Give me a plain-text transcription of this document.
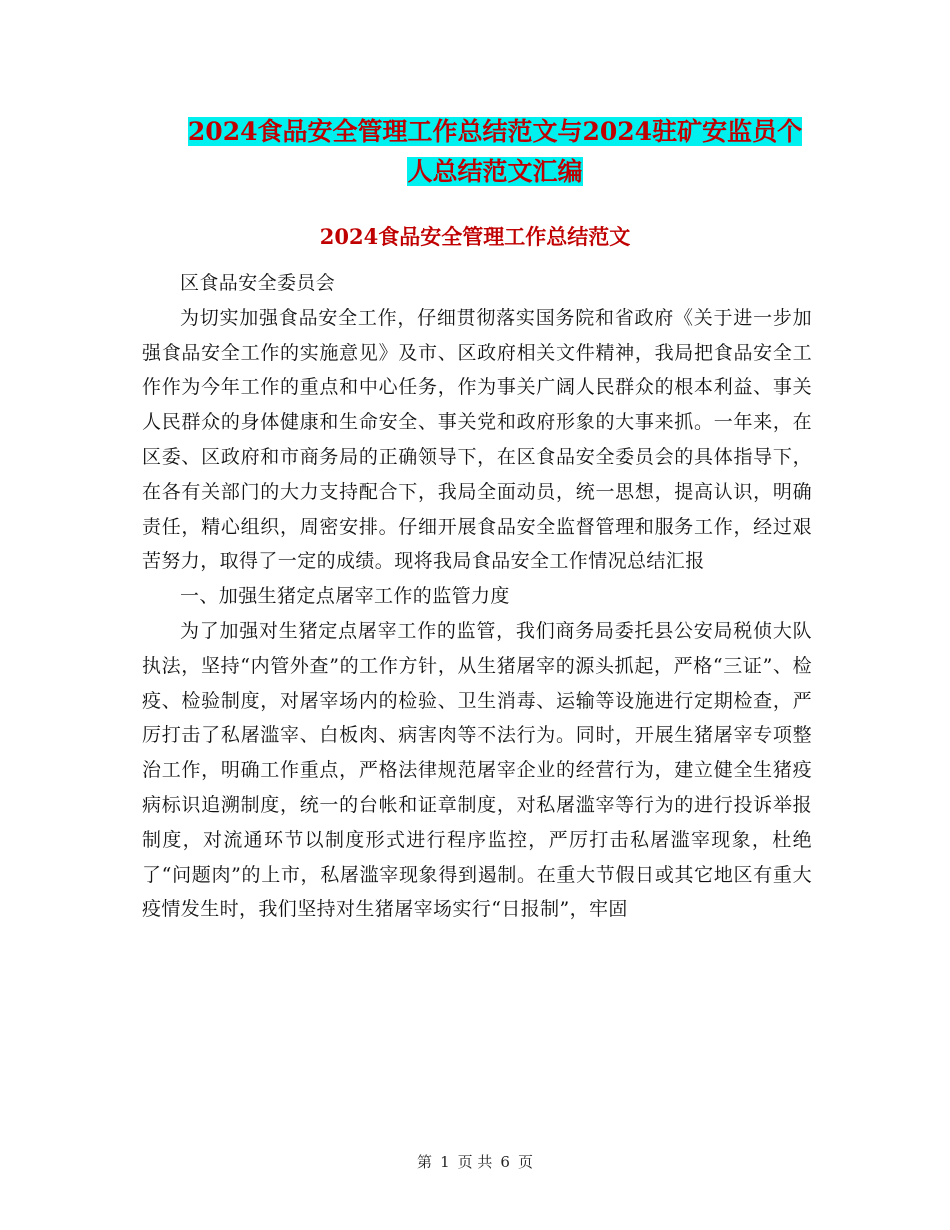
2024食品安全管理工作总结范文与2024驻矿安监员个
人总结范文汇编
2024食品安全管理工作总结范文

区食品安全委员会

为切实加强食品安全工作，仔细贯彻落实国务院和省政府《关于进一步加强食品安全工作的实施意见》及市、区政府相关文件精神，我局把食品安全工作作为今年工作的重点和中心任务，作为事关广阔人民群众的根本利益、事关人民群众的身体健康和生命安全、事关党和政府形象的大事来抓。一年来，在区委、区政府和市商务局的正确领导下，在区食品安全委员会的具体指导下，在各有关部门的大力支持配合下，我局全面动员，统一思想，提高认识，明确责任，精心组织，周密安排。仔细开展食品安全监督管理和服务工作，经过艰苦努力，取得了一定的成绩。现将我局食品安全工作情况总结汇报

一、加强生猪定点屠宰工作的监管力度

为了加强对生猪定点屠宰工作的监管，我们商务局委托县公安局税侦大队执法，坚持“内管外查”的工作方针，从生猪屠宰的源头抓起，严格“三证”、检疫、检验制度，对屠宰场内的检验、卫生消毒、运输等设施进行定期检查，严厉打击了私屠滥宰、白板肉、病害肉等不法行为。同时，开展生猪屠宰专项整治工作，明确工作重点，严格法律规范屠宰企业的经营行为，建立健全生猪疫病标识追溯制度，统一的台帐和证章制度，对私屠滥宰等行为的进行投诉举报制度，对流通环节以制度形式进行程序监控，严厉打击私屠滥宰现象，杜绝了“问题肉”的上市，私屠滥宰现象得到遏制。在重大节假日或其它地区有重大疫情发生时，我们坚持对生猪屠宰场实行“日报制”，牢固

第 1 页 共 6 页
